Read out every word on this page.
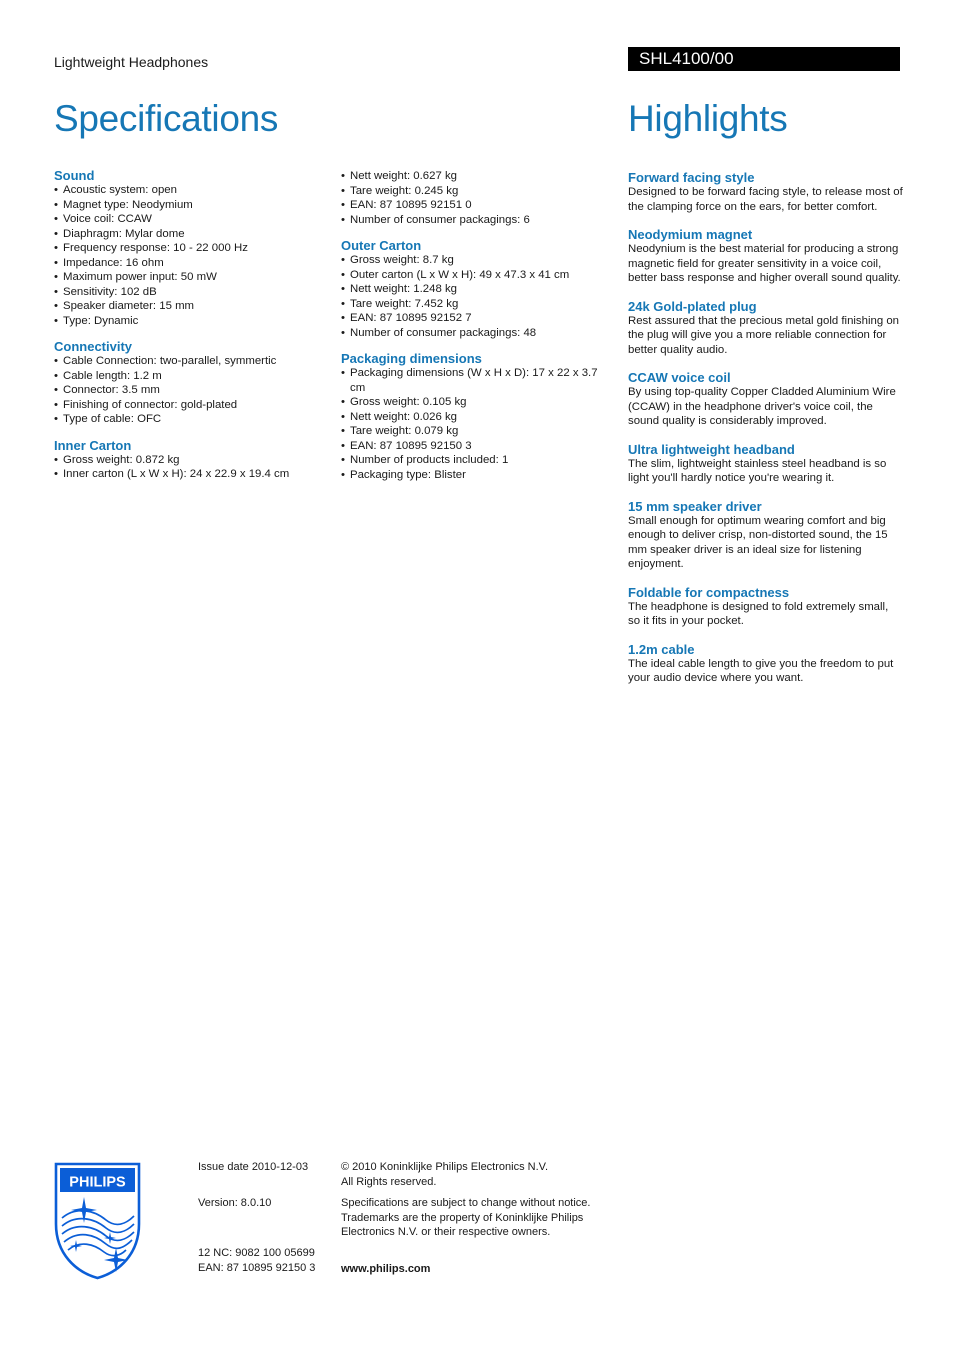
Lightweight Headphones	SHL4100/00
Specifications	Highlights
Sound
• Acoustic system: open
• Magnet type: Neodymium
• Voice coil: CCAW
• Diaphragm: Mylar dome
• Frequency response: 10 - 22 000 Hz
• Impedance: 16 ohm
• Maximum power input: 50 mW
• Sensitivity: 102 dB
• Speaker diameter: 15 mm
• Type: Dynamic
Connectivity
• Cable Connection: two-parallel, symmertic
• Cable length: 1.2 m
• Connector: 3.5 mm
• Finishing of connector: gold-plated
• Type of cable: OFC
Inner Carton
• Gross weight: 0.872 kg
• Inner carton (L x W x H): 24 x 22.9 x 19.4 cm
• Nett weight: 0.627 kg
• Tare weight: 0.245 kg
• EAN: 87 10895 92151 0
• Number of consumer packagings: 6
Outer Carton
• Gross weight: 8.7 kg
• Outer carton (L x W x H): 49 x 47.3 x 41 cm
• Nett weight: 1.248 kg
• Tare weight: 7.452 kg
• EAN: 87 10895 92152 7
• Number of consumer packagings: 48
Packaging dimensions
• Packaging dimensions (W x H x D): 17 x 22 x 3.7 cm
• Gross weight: 0.105 kg
• Nett weight: 0.026 kg
• Tare weight: 0.079 kg
• EAN: 87 10895 92150 3
• Number of products included: 1
• Packaging type: Blister
Forward facing style

Designed to be forward facing style, to release most of the clamping force on the ears, for better comfort.

Neodymium magnet

Neodynium is the best material for producing a strong magnetic field for greater sensitivity in a voice coil, better bass response and higher overall sound quality.

24k Gold-plated plug

Rest assured that the precious metal gold finishing on the plug will give you a more reliable connection for better quality audio.

CCAW voice coil

By using top-quality Copper Cladded Aluminium Wire (CCAW) in the headphone driver's voice coil, the sound quality is considerably improved.

Ultra lightweight headband

The slim, lightweight stainless steel headband is so light you'll hardly notice you're wearing it.

15 mm speaker driver

Small enough for optimum wearing comfort and big enough to deliver crisp, non-distorted sound, the 15 mm speaker driver is an ideal size for listening enjoyment.

Foldable for compactness

The headphone is designed to fold extremely small, so it fits in your pocket.

1.2m cable

The ideal cable length to give you the freedom to put your audio device where you want.

PHILIPS

Issue date 2010-12-03

Version: 8.0.10

12 NC: 9082 100 05699

EAN: 87 10895 92150 3

© 2010 Koninklijke Philips Electronics N.V.

All Rights reserved.

Specifications are subject to change without notice.

Trademarks are the property of Koninklijke Philips

Electronics N.V. or their respective owners.

www.philips.com
